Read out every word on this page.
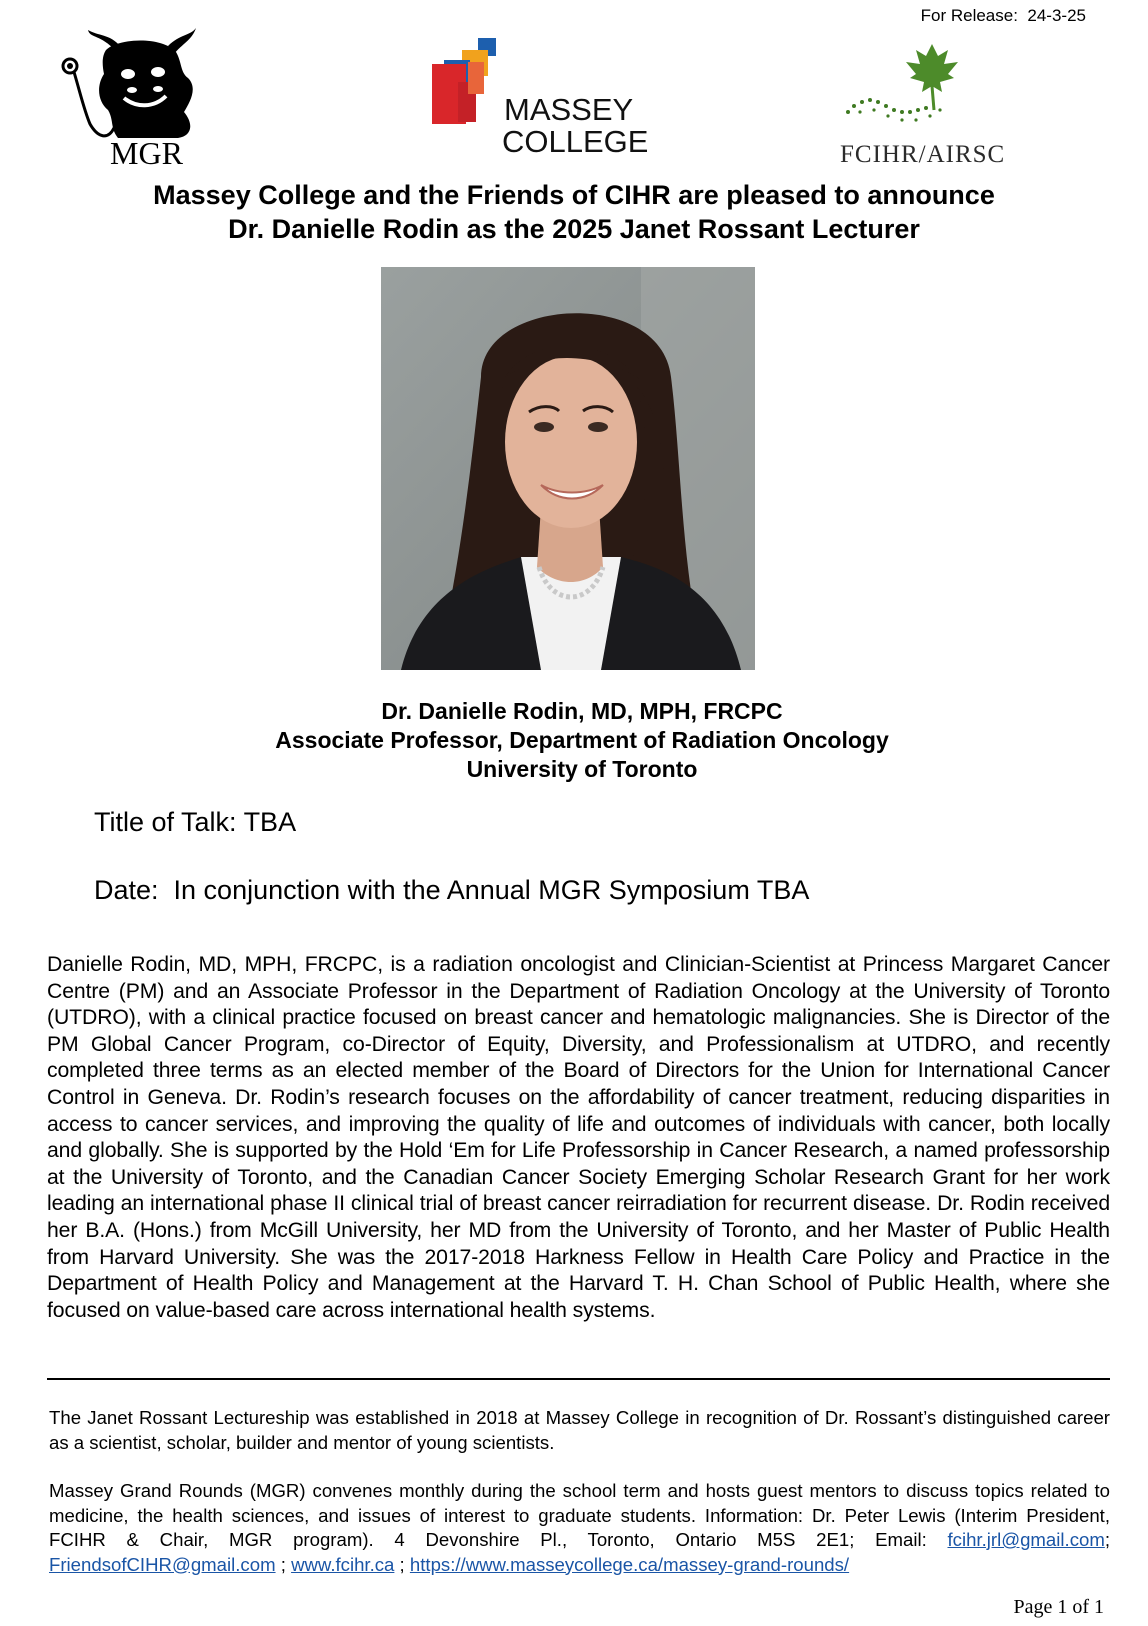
For Release:  24-3-25
MGR
MASSEY
COLLEGE	FCIHR/AIRSC
Massey College and the Friends of CIHR are pleased to announce
Dr. Danielle Rodin as the 2025 Janet Rossant Lecturer
Dr. Danielle Rodin, MD, MPH, FRCPC
Associate Professor, Department of Radiation Oncology
University of Toronto
Title of Talk: TBA
Date:  In conjunction with the Annual MGR Symposium TBA
Danielle Rodin, MD, MPH, FRCPC, is a radiation oncologist and Clinician-Scientist at Princess Margaret Cancer Centre (PM) and an Associate Professor in the Department of Radiation Oncology at the University of Toronto (UTDRO), with a clinical practice focused on breast cancer and hematologic malignancies. She is Director of the PM Global Cancer Program, co-Director of Equity, Diversity, and Professionalism at UTDRO, and recently completed three terms as an elected member of the Board of Directors for the Union for International Cancer Control in Geneva. Dr. Rodin’s research focuses on the affordability of cancer treatment, reducing disparities in access to cancer services, and improving the quality of life and outcomes of individuals with cancer, both locally and globally. She is supported by the Hold ‘Em for Life Professorship in Cancer Research, a named professorship at the University of Toronto, and the Canadian Cancer Society Emerging Scholar Research Grant for her work leading an international phase II clinical trial of breast cancer reirradiation for recurrent disease. Dr. Rodin received her B.A. (Hons.) from McGill University, her MD from the University of Toronto, and her Master of Public Health from Harvard University. She was the 2017-2018 Harkness Fellow in Health Care Policy and Practice in the Department of Health Policy and Management at the Harvard T. H. Chan School of Public Health, where she focused on value-based care across international health systems.
The Janet Rossant Lectureship was established in 2018 at Massey College in recognition of Dr. Rossant’s distinguished career as a scientist, scholar, builder and mentor of young scientists.
Massey Grand Rounds (MGR) convenes monthly during the school term and hosts guest mentors to discuss topics related to medicine, the health sciences, and issues of interest to graduate students. Information: Dr. Peter Lewis (Interim President, FCIHR & Chair, MGR program). 4 Devonshire Pl., Toronto, Ontario M5S 2E1; Email: fcihr.jrl@gmail.com; FriendsofCIHR@gmail.com ; www.fcihr.ca ; https://www.masseycollege.ca/massey-grand-rounds/
Page 1 of 1
